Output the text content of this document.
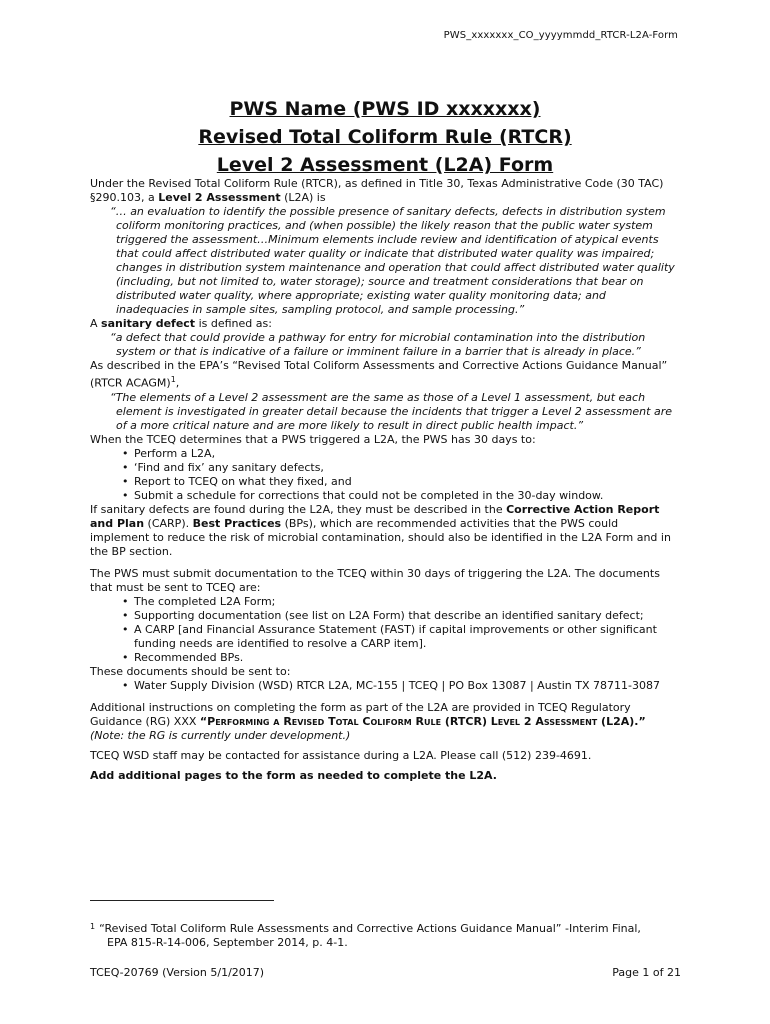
PWS_xxxxxxx_CO_yyyymmdd_RTCR-L2A-Form
PWS Name (PWS ID xxxxxxx)
Revised Total Coliform Rule (RTCR)
Level 2 Assessment (L2A) Form

Under the Revised Total Coliform Rule (RTCR), as defined in Title 30, Texas Administrative Code (30 TAC) §290.103, a Level 2 Assessment (L2A) is

“… an evaluation to identify the possible presence of sanitary defects, defects in distribution system coliform monitoring practices, and (when possible) the likely reason that the public water system triggered the assessment…Minimum elements include review and identification of atypical events that could affect distributed water quality or indicate that distributed water quality was impaired; changes in distribution system maintenance and operation that could affect distributed water quality (including, but not limited to, water storage); source and treatment considerations that bear on distributed water quality, where appropriate; existing water quality monitoring data; and inadequacies in sample sites, sampling protocol, and sample processing.”

A sanitary defect is defined as:

“a defect that could provide a pathway for entry for microbial contamination into the distribution system or that is indicative of a failure or imminent failure in a barrier that is already in place.”

As described in the EPA’s “Revised Total Coliform Assessments and Corrective Actions Guidance Manual” (RTCR ACAGM)$^1$,

“The elements of a Level 2 assessment are the same as those of a Level 1 assessment, but each element is investigated in greater detail because the incidents that trigger a Level 2 assessment are of a more critical nature and are more likely to result in direct public health impact.”

When the TCEQ determines that a PWS triggered a L2A, the PWS has 30 days to:

• Perform a L2A,
• ‘Find and fix’ any sanitary defects,
• Report to TCEQ on what they fixed, and
• Submit a schedule for corrections that could not be completed in the 30-day window.

If sanitary defects are found during the L2A, they must be described in the Corrective Action Report and Plan (CARP). Best Practices (BPs), which are recommended activities that the PWS could implement to reduce the risk of microbial contamination, should also be identified in the L2A Form and in the BP section.

The PWS must submit documentation to the TCEQ within 30 days of triggering the L2A. The documents that must be sent to TCEQ are:

• The completed L2A Form;
• Supporting documentation (see list on L2A Form) that describe an identified sanitary defect;
• A CARP [and Financial Assurance Statement (FAST) if capital improvements or other significant funding needs are identified to resolve a CARP item].
• Recommended BPs.

These documents should be sent to:

• Water Supply Division (WSD) RTCR L2A, MC-155 | TCEQ | PO Box 13087 | Austin TX 78711-3087

Additional instructions on completing the form as part of the L2A are provided in TCEQ Regulatory Guidance (RG) XXX “Performing a Revised Total Coliform Rule (RTCR) Level 2 Assessment (L2A).” (Note: the RG is currently under development.)

TCEQ WSD staff may be contacted for assistance during a L2A. Please call (512) 239-4691.

Add additional pages to the form as needed to complete the L2A.

$^1$ “Revised Total Coliform Rule Assessments and Corrective Actions Guidance Manual” -Interim Final,
EPA 815-R-14-006, September 2014, p. 4-1.
TCEQ-20769 (Version 5/1/2017)	Page 1 of 21
